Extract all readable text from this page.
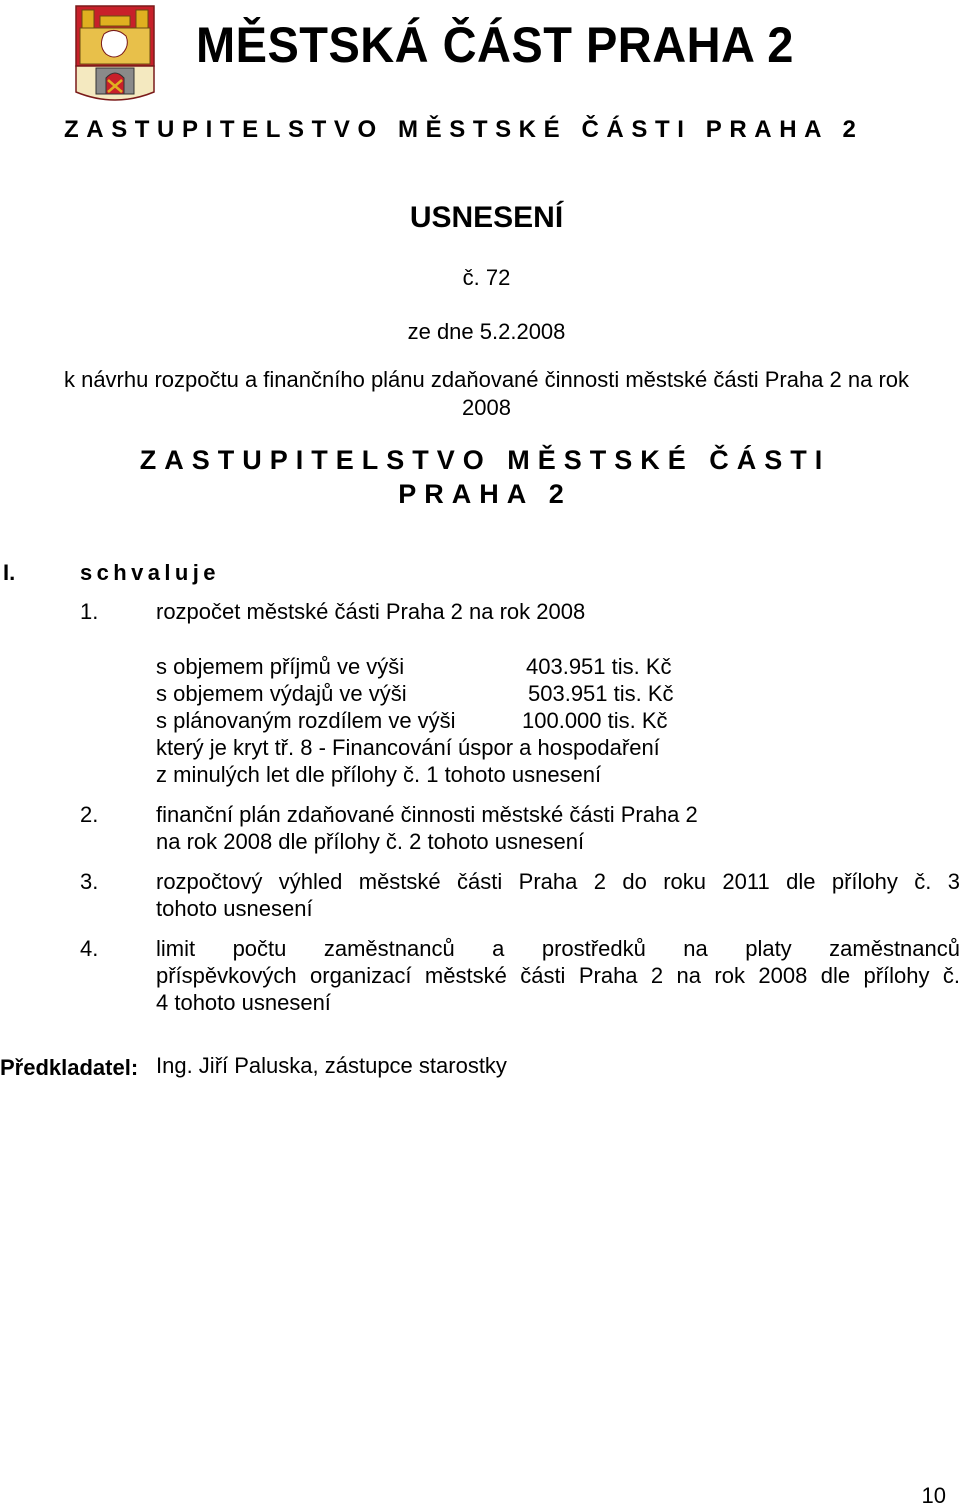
MĚSTSKÁ ČÁST PRAHA 2
ZASTUPITELSTVO MĚSTSKÉ ČÁSTI PRAHA 2
USNESENÍ
č. 72
ze dne 5.2.2008
k návrhu rozpočtu a finančního plánu zdaňované činnosti městské části Praha 2 na rok
2008
ZASTUPITELSTVO MĚSTSKÉ ČÁSTI
PRAHA 2
I.	schvaluje
1.	rozpočet městské části Praha 2 na rok 2008
s objemem příjmů ve výši	403.951 tis. Kč
s objemem výdajů ve výši	503.951 tis. Kč
s plánovaným rozdílem ve výši	100.000 tis. Kč
který je kryt tř. 8 - Financování úspor a hospodaření
z minulých let dle přílohy č. 1 tohoto usnesení
2.	finanční plán zdaňované činnosti městské části Praha 2
na rok 2008 dle přílohy č. 2 tohoto usnesení
3.	rozpočtový výhled městské části Praha 2 do roku 2011 dle přílohy č. 3
tohoto usnesení
4.	limit počtu zaměstnanců a prostředků na platy zaměstnanců
příspěvkových organizací městské části Praha 2 na rok 2008 dle přílohy č.
4 tohoto usnesení
Předkladatel: Ing. Jiří Paluska, zástupce starostky
10
